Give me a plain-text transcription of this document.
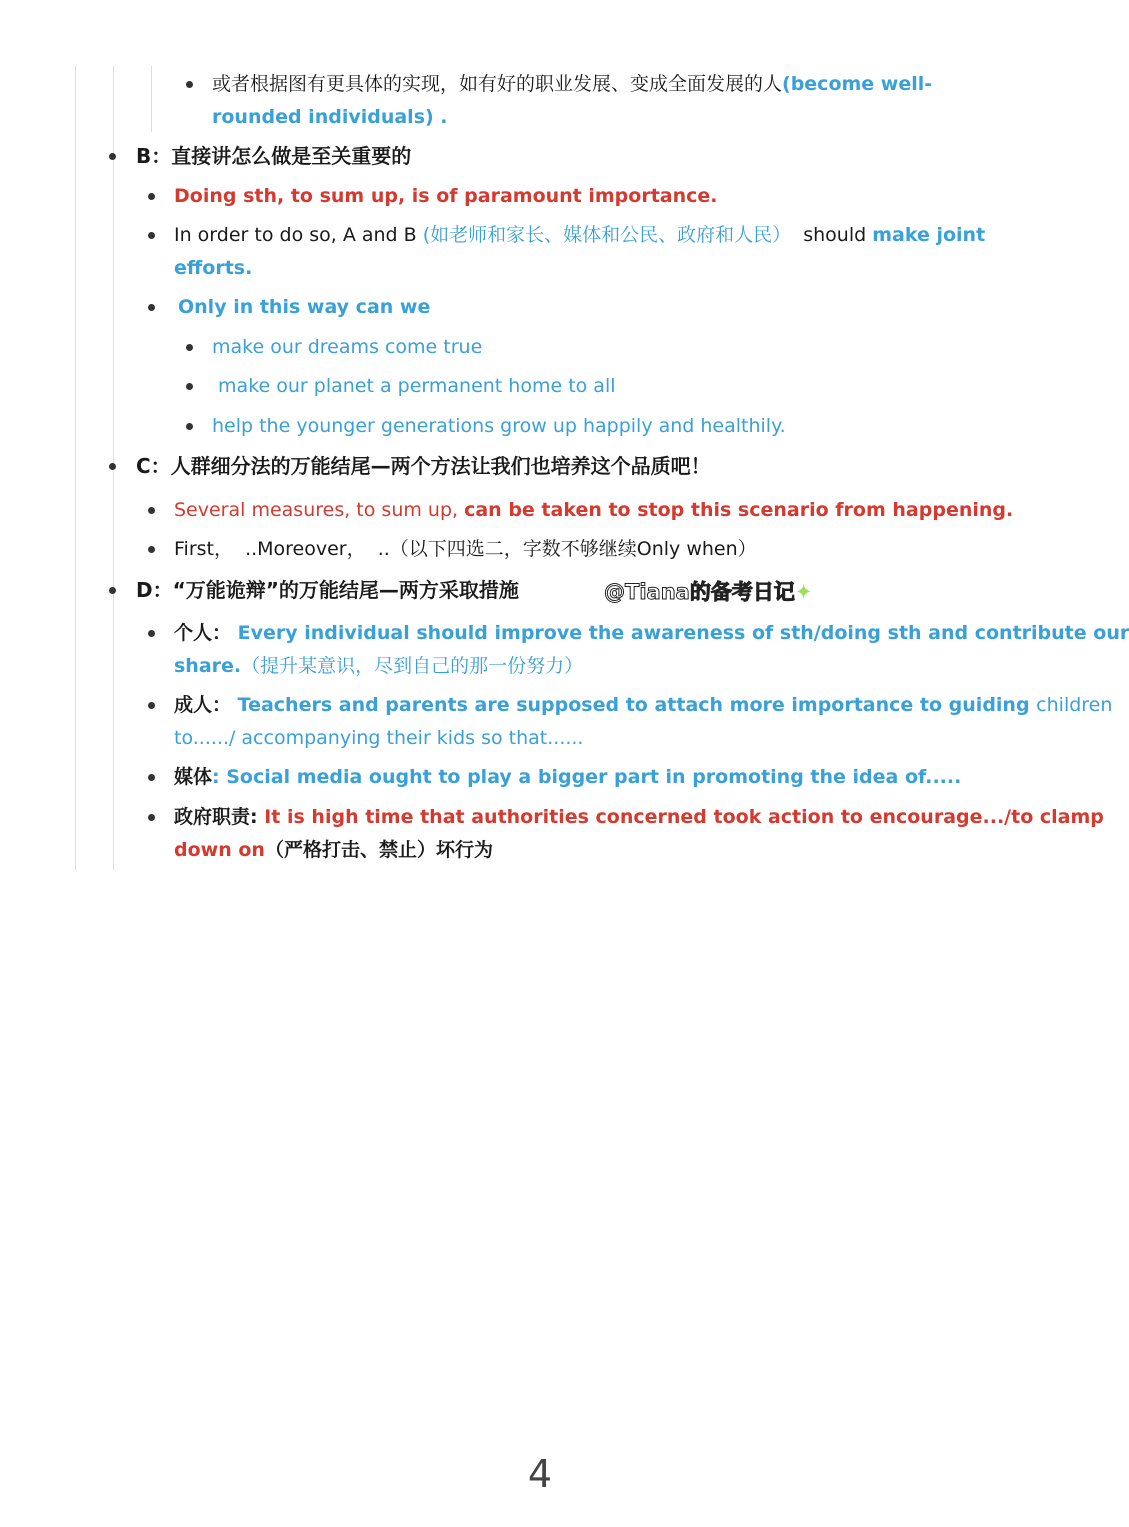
或者根据图有更具体的实现，如有好的职业发展、变成全面发展的人(become well-
rounded individuals) .
B：直接讲怎么做是至关重要的
Doing sth, to sum up, is of paramount importance.
In order to do so, A and B (如老师和家长、媒体和公民、政府和人民）  should make joint
efforts.
Only in this way can we
make our dreams come true
make our planet a permanent home to all
help the younger generations grow up happily and healthily.
C：人群细分法的万能结尾—两个方法让我们也培养这个品质吧！
Several measures, to sum up, can be taken to stop this scenario from happening.
First，  ..Moreover，  ..（以下四选二，字数不够继续Only when）
D：“万能诡辩”的万能结尾—两方采取措施	@Tiana的备考日记✦
个人： Every individual should improve the awareness of sth/doing sth and contribute our
share.（提升某意识，尽到自己的那一份努力）
成人： Teachers and parents are supposed to attach more importance to guiding children
to....../ accompanying their kids so that......
媒体: Social media ought to play a bigger part in promoting the idea of.....
政府职责: It is high time that authorities concerned took action to encourage.../to clamp
down on（严格打击、禁止）坏行为
4
